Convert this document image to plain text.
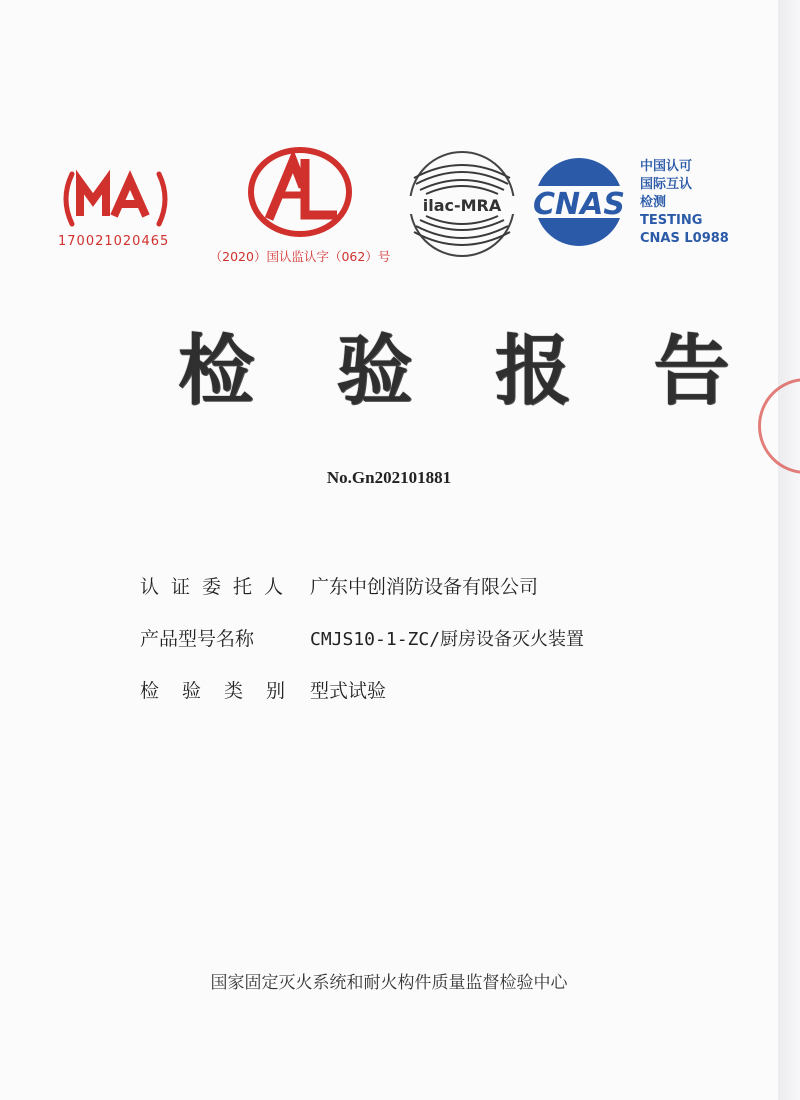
170021020465
（2020）国认监认字（062）号
ilac-MRA CNAS
中国认可
国际互认
检测
TESTING
CNAS L0988
检 验 报 告
No.Gn202101881
认证委托人 广东中创消防设备有限公司
产品型号名称	CMJS10-1-ZC/厨房设备灭火装置
检验类别 型式试验
国家固定灭火系统和耐火构件质量监督检验中心
